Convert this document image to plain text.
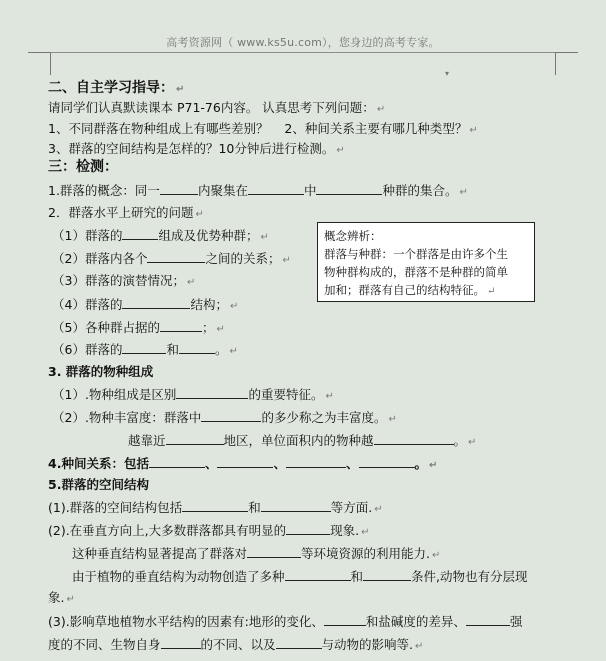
高考资源网（ www.ks5u.com），您身边的高考专家。
▾
二、自主学习指导： ↵
请同学们认真默读课本 P71-76内容。 认真思考下列问题： ↵
1、不同群落在物种组成上有哪些差别？ 2、种间关系主要有哪几种类型？ ↵
3、群落的空间结构是怎样的？10分钟后进行检测。 ↵
三：检测：
1.群落的概念：同一	内聚集在	中	种群的集合。 ↵
2．群落水平上研究的问题 ↵
（1）群落的	组成及优势种群； ↵
（2）群落内各个	之间的关系； ↵
（3）群落的演替情况； ↵
（4）群落的	结构； ↵
（5）各种群占据的	； ↵
（6）群落的	和	。 ↵
3. 群落的物种组成
（1）.物种组成是区别	的重要特征。 ↵
（2）.物种丰富度：群落中	的多少称之为丰富度。 ↵
越靠近	地区，单位面积内的物种越	。 ↵
4.种间关系：包括	、	、	、	。 ↵
5.群落的空间结构
(1).群落的空间结构包括	和	等方面. ↵
(2).在垂直方向上,大多数群落都具有明显的	现象. ↵
这种垂直结构显著提高了群落对	等环境资源的利用能力. ↵
由于植物的垂直结构为动物创造了多种	和	条件,动物也有分层现
象. ↵
(3).影响草地植物水平结构的因素有:地形的变化、	和盐碱度的差异、	强
度的不同、生物自身	的不同、以及	与动物的影响等. ↵
概念辨析：
群落与种群：一个群落是由许多个生
物种群构成的，群落不是种群的简单
加和；群落有自己的结构特征。 ↵
